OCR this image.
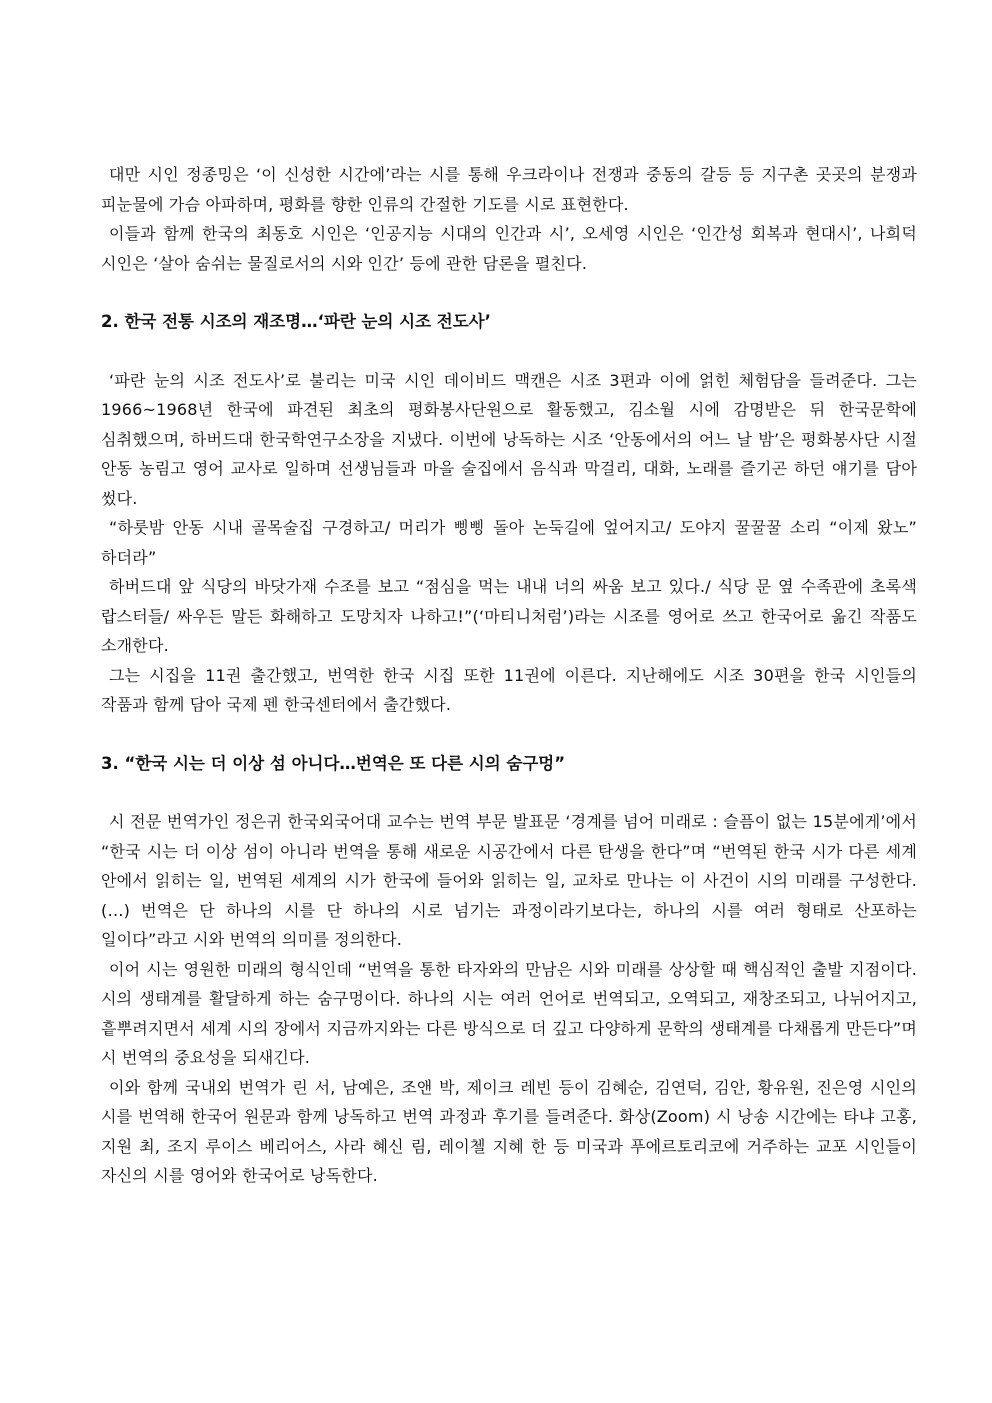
대만 시인 정종밍은 ‘이 신성한 시간에’라는 시를 통해 우크라이나 전쟁과 중동의 갈등 등 지구촌 곳곳의 분쟁과 피눈물에 가슴 아파하며, 평화를 향한 인류의 간절한 기도를 시로 표현한다.

이들과 함께 한국의 최동호 시인은 ‘인공지능 시대의 인간과 시’, 오세영 시인은 ‘인간성 회복과 현대시’, 나희덕 시인은 ‘살아 숨쉬는 물질로서의 시와 인간’ 등에 관한 담론을 펼친다.

2. 한국 전통 시조의 재조명…‘파란 눈의 시조 전도사’

‘파란 눈의 시조 전도사’로 불리는 미국 시인 데이비드 맥캔은 시조 3편과 이에 얽힌 체험담을 들려준다. 그는 1966~1968년 한국에 파견된 최초의 평화봉사단원으로 활동했고, 김소월 시에 감명받은 뒤 한국문학에 심취했으며, 하버드대 한국학연구소장을 지냈다. 이번에 낭독하는 시조 ‘안동에서의 어느 날 밤’은 평화봉사단 시절 안동 농림고 영어 교사로 일하며 선생님들과 마을 술집에서 음식과 막걸리, 대화, 노래를 즐기곤 하던 얘기를 담아 썼다.

“하룻밤 안동 시내 골목술집 구경하고/ 머리가 삥삥 돌아 논둑길에 엎어지고/ 도야지 꿀꿀꿀 소리 “이제 왔노” 하더라”

하버드대 앞 식당의 바닷가재 수조를 보고 “점심을 먹는 내내 너의 싸움 보고 있다./ 식당 문 옆 수족관에 초록색 랍스터들/ 싸우든 말든 화해하고 도망치자 나하고!”(‘마티니처럼’)라는 시조를 영어로 쓰고 한국어로 옮긴 작품도 소개한다.

그는 시집을 11권 출간했고, 번역한 한국 시집 또한 11권에 이른다. 지난해에도 시조 30편을 한국 시인들의 작품과 함께 담아 국제 펜 한국센터에서 출간했다.

3. “한국 시는 더 이상 섬 아니다…번역은 또 다른 시의 숨구멍”

시 전문 번역가인 정은귀 한국외국어대 교수는 번역 부문 발표문 ‘경계를 넘어 미래로 : 슬픔이 없는 15분에게’에서 “한국 시는 더 이상 섬이 아니라 번역을 통해 새로운 시공간에서 다른 탄생을 한다”며 “번역된 한국 시가 다른 세계 안에서 읽히는 일, 번역된 세계의 시가 한국에 들어와 읽히는 일, 교차로 만나는 이 사건이 시의 미래를 구성한다. (…) 번역은 단 하나의 시를 단 하나의 시로 넘기는 과정이라기보다는, 하나의 시를 여러 형태로 산포하는 일이다”라고 시와 번역의 의미를 정의한다.

이어 시는 영원한 미래의 형식인데 “번역을 통한 타자와의 만남은 시와 미래를 상상할 때 핵심적인 출발 지점이다. 시의 생태계를 활달하게 하는 숨구멍이다. 하나의 시는 여러 언어로 번역되고, 오역되고, 재창조되고, 나뉘어지고, 흩뿌려지면서 세계 시의 장에서 지금까지와는 다른 방식으로 더 깊고 다양하게 문학의 생태계를 다채롭게 만든다”며 시 번역의 중요성을 되새긴다.

이와 함께 국내외 번역가 린 서, 남예은, 조앤 박, 제이크 레빈 등이 김혜순, 김연덕, 김안, 황유원, 진은영 시인의 시를 번역해 한국어 원문과 함께 낭독하고 번역 과정과 후기를 들려준다. 화상(Zoom) 시 낭송 시간에는 타냐 고홍, 지원 최, 조지 루이스 베리어스, 사라 혜신 림, 레이첼 지혜 한 등 미국과 푸에르토리코에 거주하는 교포 시인들이 자신의 시를 영어와 한국어로 낭독한다.
